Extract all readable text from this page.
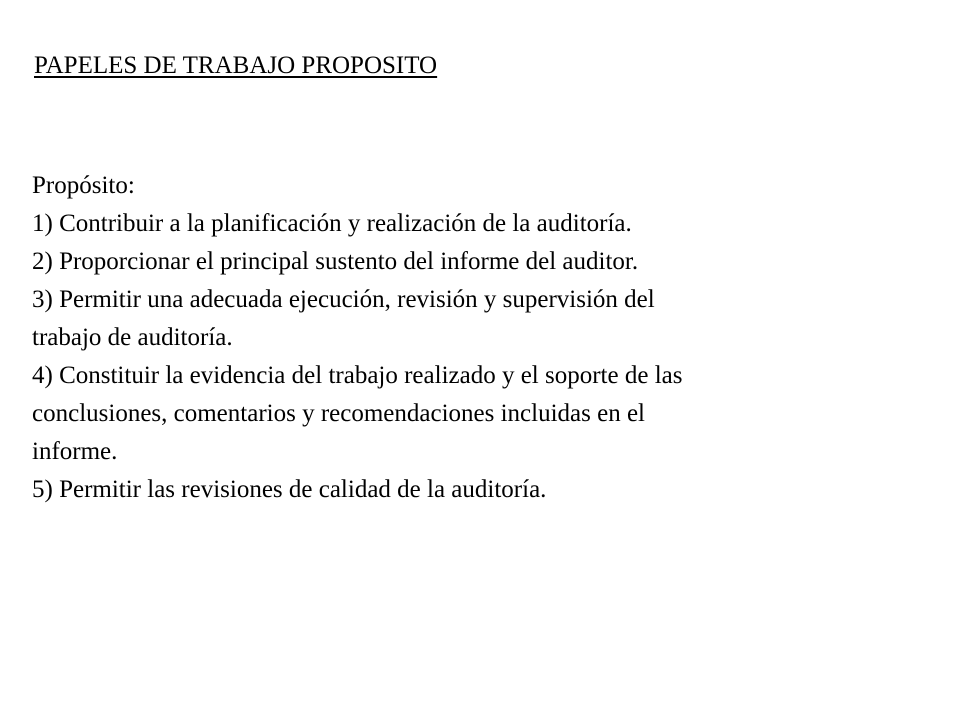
PAPELES DE TRABAJO PROPOSITO

Propósito:

1) Contribuir a la planificación y realización de la auditoría.

2) Proporcionar el principal sustento del informe del auditor.

3) Permitir una adecuada ejecución, revisión y supervisión del

trabajo de auditoría.

4) Constituir la evidencia del trabajo realizado y el soporte de las

conclusiones, comentarios y recomendaciones incluidas en el

informe.

5) Permitir las revisiones de calidad de la auditoría.
